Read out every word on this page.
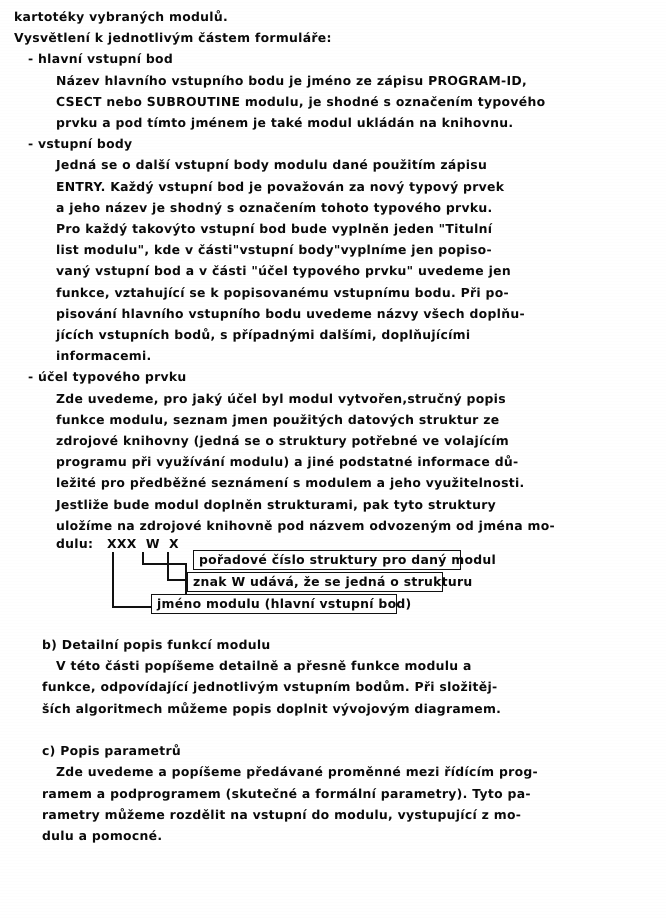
kartotéky vybraných modulů.
Vysvětlení k jednotlivým částem formuláře:
- hlavní vstupní bod
Název hlavního vstupního bodu je jméno ze zápisu PROGRAM-ID,
CSECT nebo SUBROUTINE modulu, je shodné s označením typového
prvku a pod tímto jménem je také modul ukládán na knihovnu.
- vstupní body
Jedná se o další vstupní body modulu dané použitím zápisu
ENTRY. Každý vstupní bod je považován za nový typový prvek
a jeho název je shodný s označením tohoto typového prvku.
Pro každý takovýto vstupní bod bude vyplněn jeden "Titulní
list modulu", kde v části"vstupní body"vyplníme jen popiso-
vaný vstupní bod a v části "účel typového prvku" uvedeme jen
funkce, vztahující se k popisovanému vstupnímu bodu. Při po-
pisování hlavního vstupního bodu uvedeme názvy všech doplňu-
jících vstupních bodů, s případnými dalšími, doplňujícími
informacemi.
- účel typového prvku
Zde uvedeme, pro jaký účel byl modul vytvořen,stručný popis
funkce modulu, seznam jmen použitých datových struktur ze
zdrojové knihovny (jedná se o struktury potřebné ve volajícím
programu při využívání modulu) a jiné podstatné informace dů-
ležité pro předběžné seznámení s modulem a jeho využitelnosti.
Jestliže bude modul doplněn strukturami, pak tyto struktury
uložíme na zdrojové knihovně pod názvem odvozeným od jména mo-
dulu:   XXX  W  X
pořadové číslo struktury pro daný modul
znak W udává, že se jedná o strukturu
jméno modulu (hlavní vstupní bod)
b) Detailní popis funkcí modulu
V této části popíšeme detailně a přesně funkce modulu a
funkce, odpovídající jednotlivým vstupním bodům. Při složitěj-
ších algoritmech můžeme popis doplnit vývojovým diagramem.

c) Popis parametrů
Zde uvedeme a popíšeme předávané proměnné mezi řídícím prog-
ramem a podprogramem (skutečné a formální parametry). Tyto pa-
rametry můžeme rozdělit na vstupní do modulu, vystupující z mo-
dulu a pomocné.
